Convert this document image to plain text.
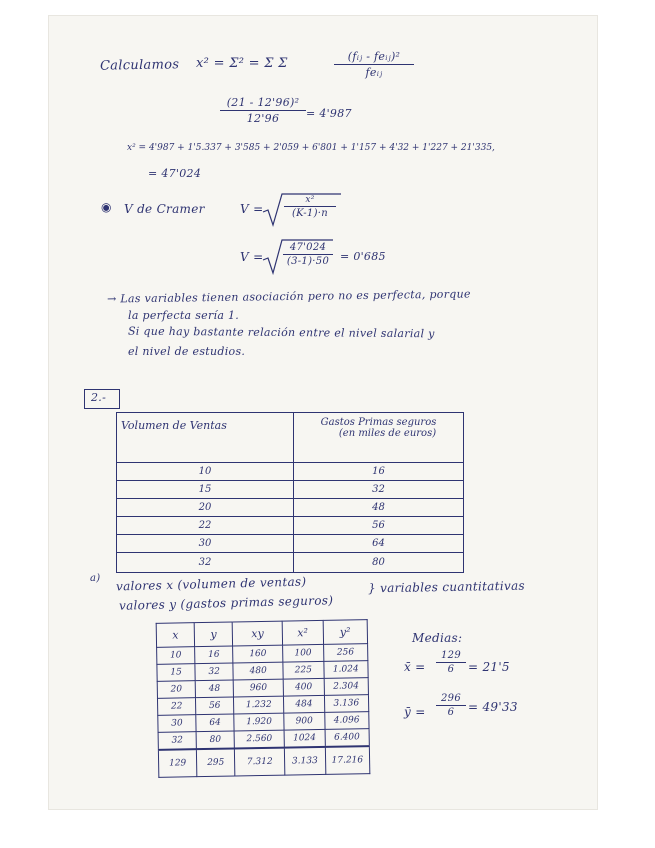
Calculamos x² = Σ² = Σ Σ	(fᵢⱼ - feᵢⱼ)²
feᵢⱼ
(21 - 12'96)²
12'96 = 4'987
x² = 4'987 + 1'5.337 + 3'585 + 2'059 + 6'801 + 1'157 + 4'32 + 1'227 + 21'335,
= 47'024
◉ V de Cramer	V =
x²
(K-1)·n
V =
47'024
(3-1)·50 = 0'685
→ Las variables tienen asociación pero no es perfecta, porque
la perfecta sería 1.
Si que hay bastante relación entre el nivel salarial y
el nivel de estudios.
2.-
Volumen de Ventas	Gastos Primas seguros
(en miles de euros)

10	16
15	32
20	48
22	56
30	64
32	80
a) valores x (volumen de ventas)
valores y (gastos primas seguros)
} variables cuantitativas
x	y	xy	x²	y²
10	16	160	100	256
15	32	480	225	1.024
20	48	960	400	2.304
22	56	1.232	484	3.136
30	64	1.920	900	4.096
32	80	2.560	1024	6.400
129	295	7.312	3.133	17.216
Medias:
x̄ =
129
6 = 21'5
ȳ =
296
6 = 49'33
